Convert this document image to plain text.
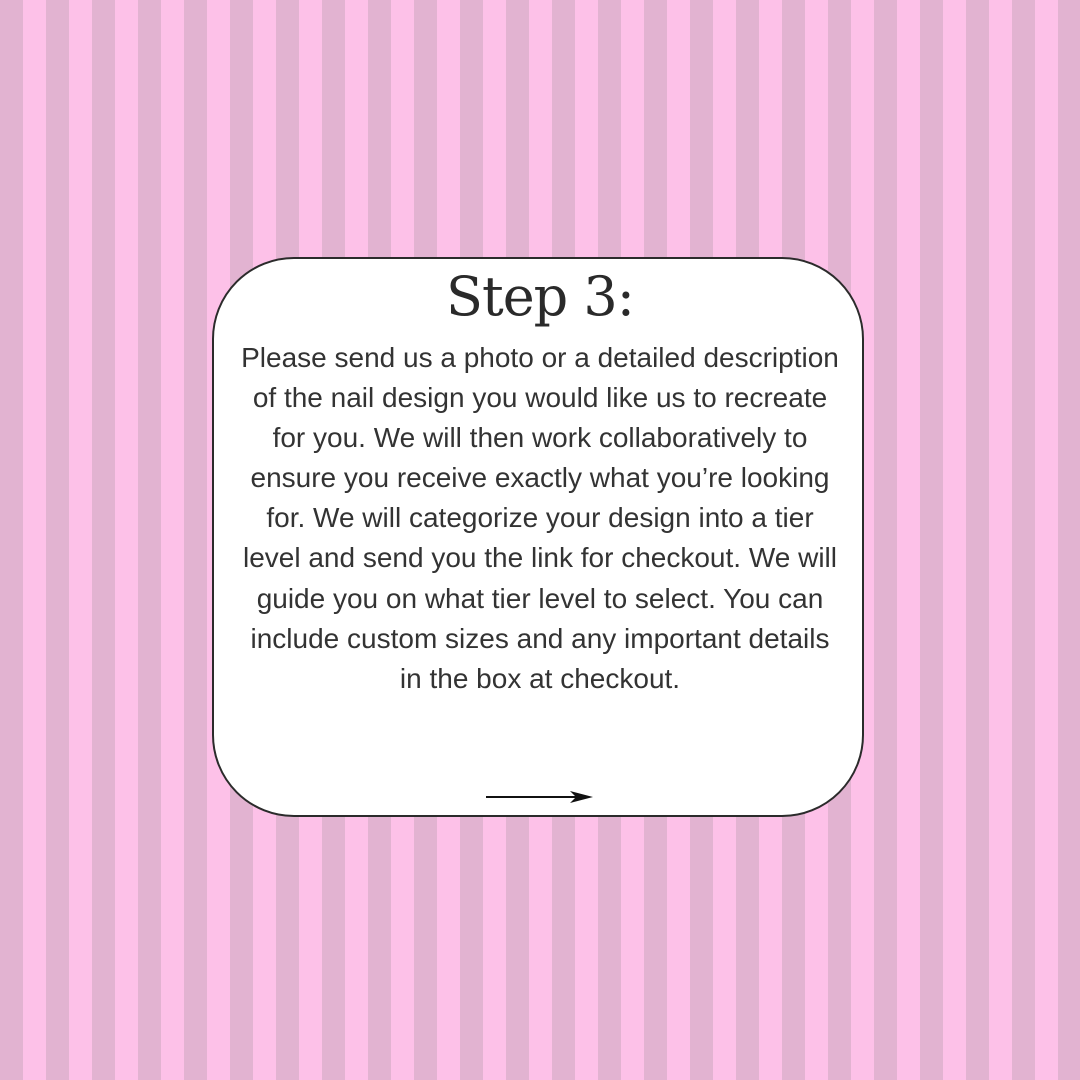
Step 3:
Please send us a photo or a detailed description of the nail design you would like us to recreate for you. We will then work collaboratively to ensure you receive exactly what you’re looking for. We will categorize your design into a tier level and send you the link for checkout. We will guide you on what tier level to select. You can include custom sizes and any important details in the box at checkout.
